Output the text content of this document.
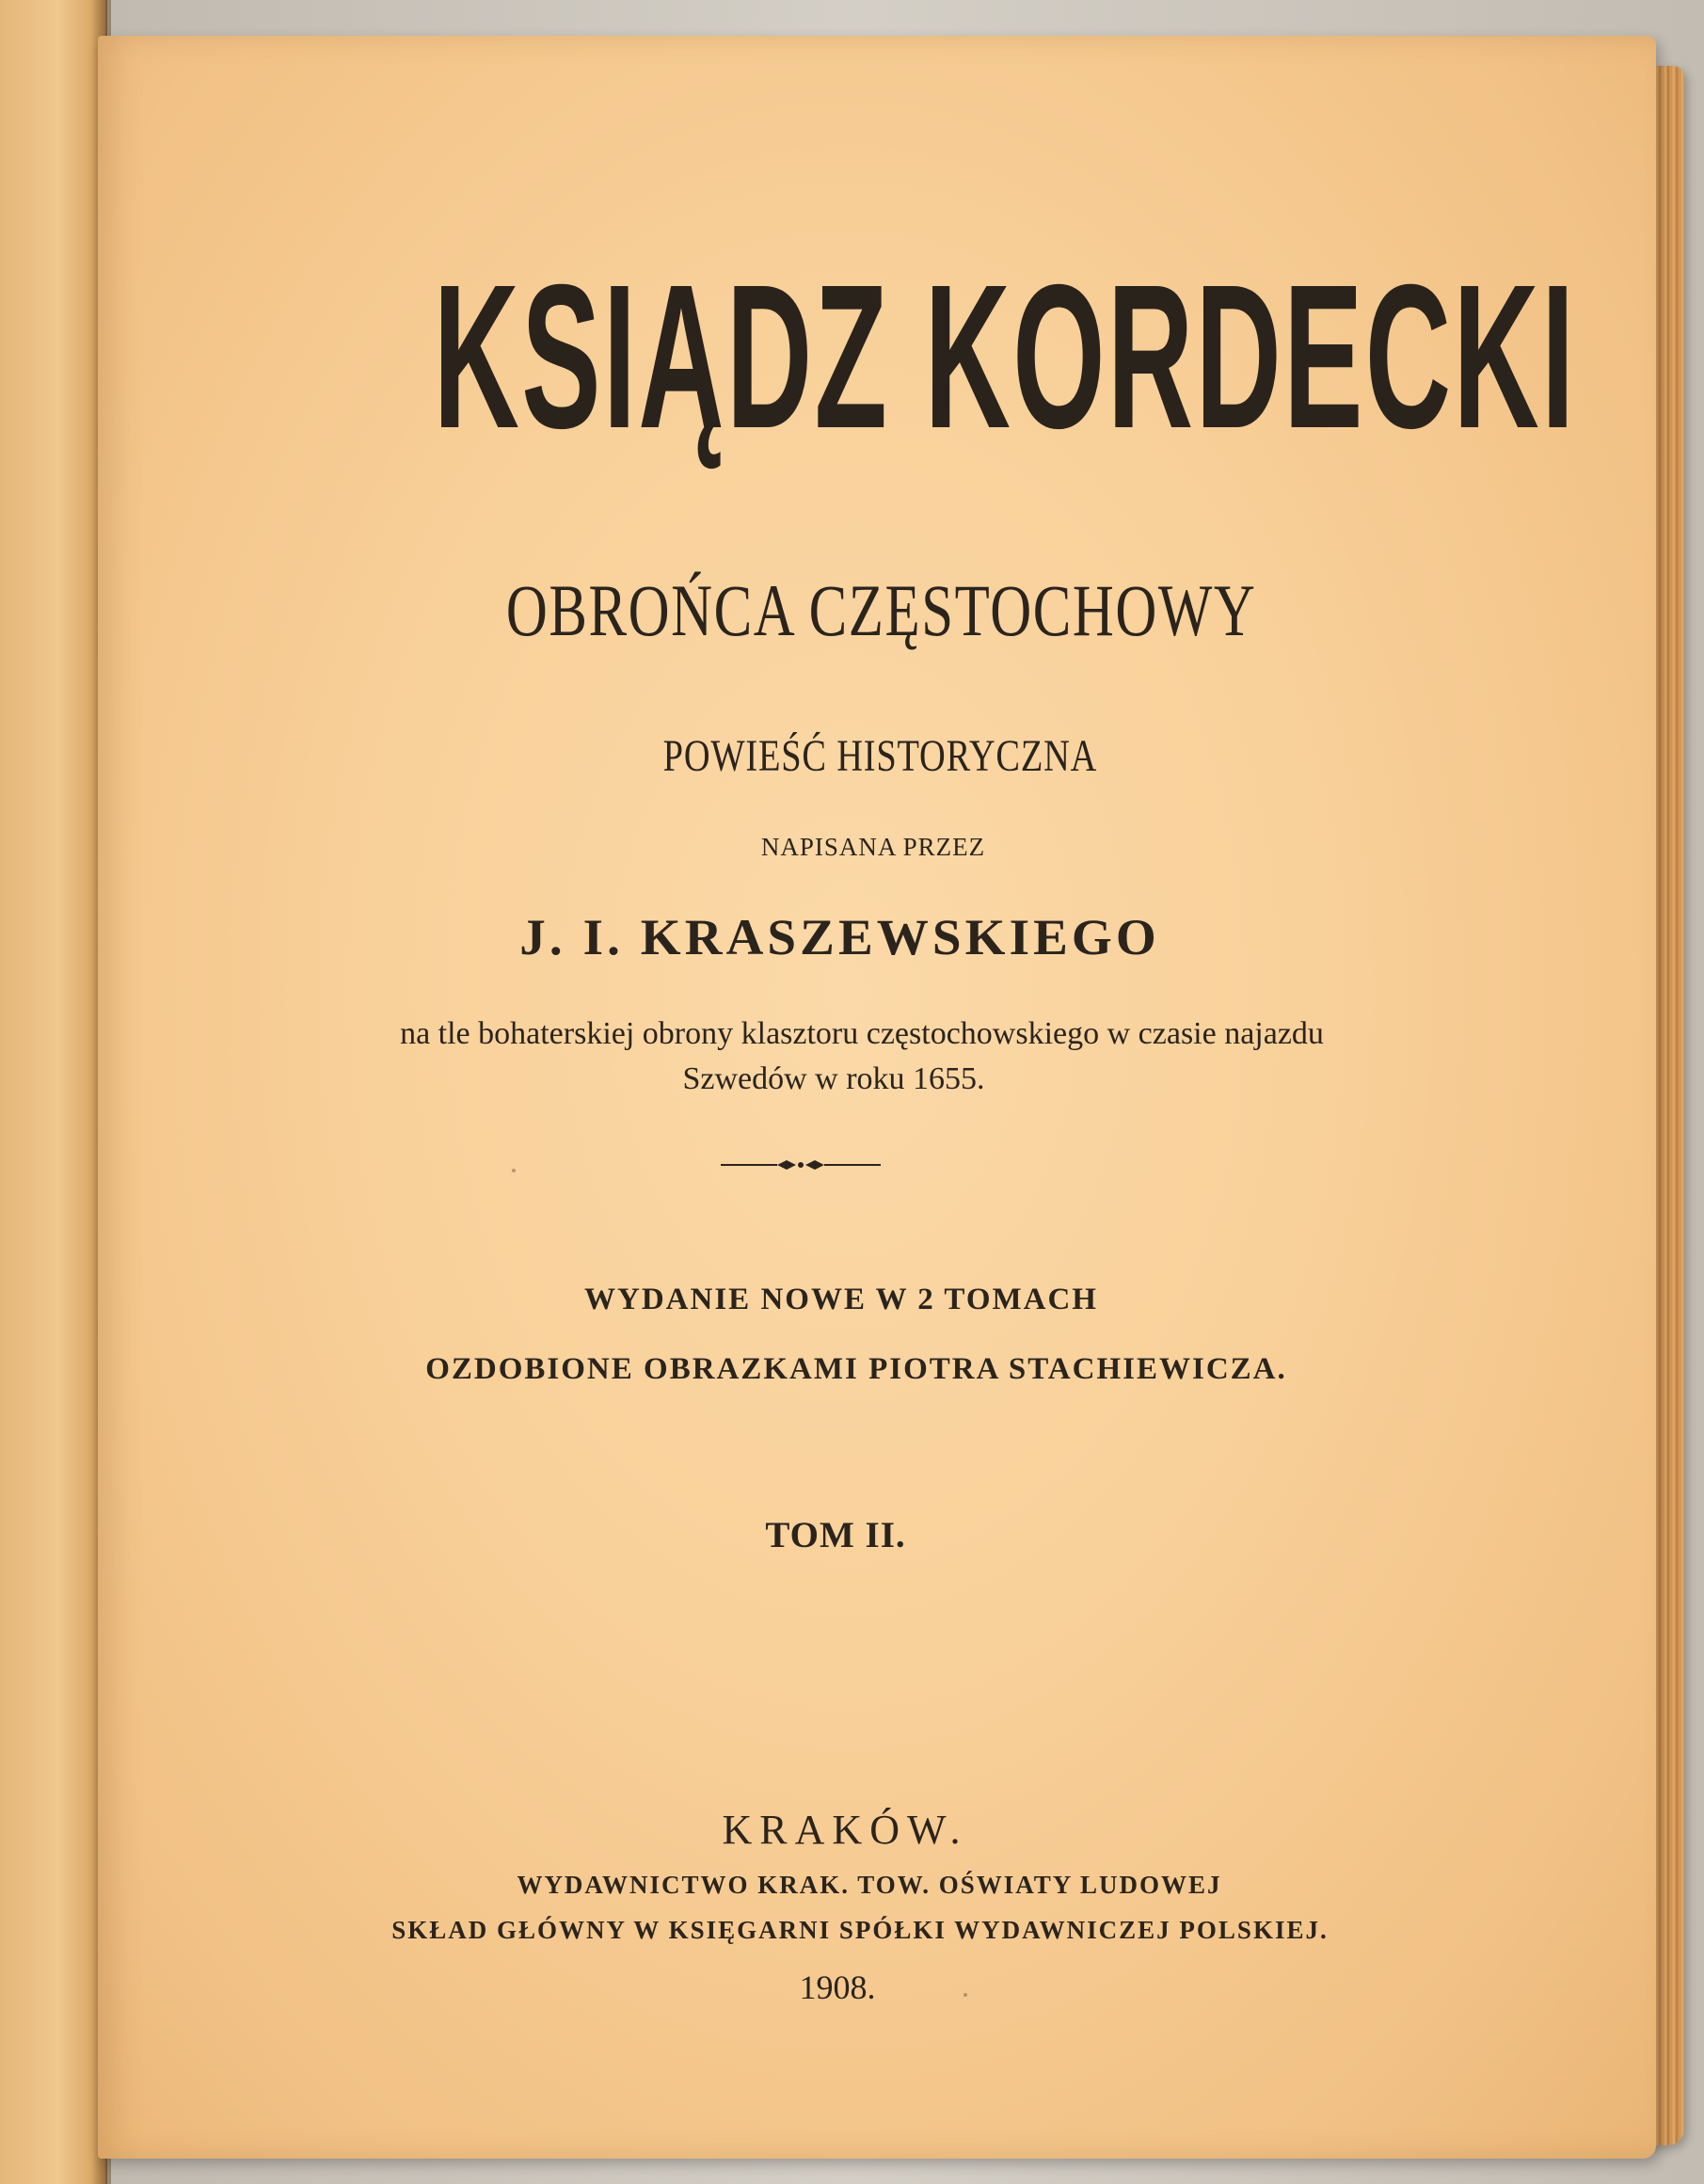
KSIĄDZ KORDECKI
OBROŃCA CZĘSTOCHOWY
POWIEŚĆ HISTORYCZNA
NAPISANA PRZEZ
J. I. KRASZEWSKIEGO
na tle bohaterskiej obrony klasztoru częstochowskiego w czasie najazdu
Szwedów w roku 1655.
WYDANIE NOWE W 2 TOMACH
OZDOBIONE OBRAZKAMI PIOTRA STACHIEWICZA.
TOM II.
KRAKÓW.
WYDAWNICTWO KRAK. TOW. OŚWIATY LUDOWEJ
SKŁAD GŁÓWNY W KSIĘGARNI SPÓŁKI WYDAWNICZEJ POLSKIEJ.
1908.
